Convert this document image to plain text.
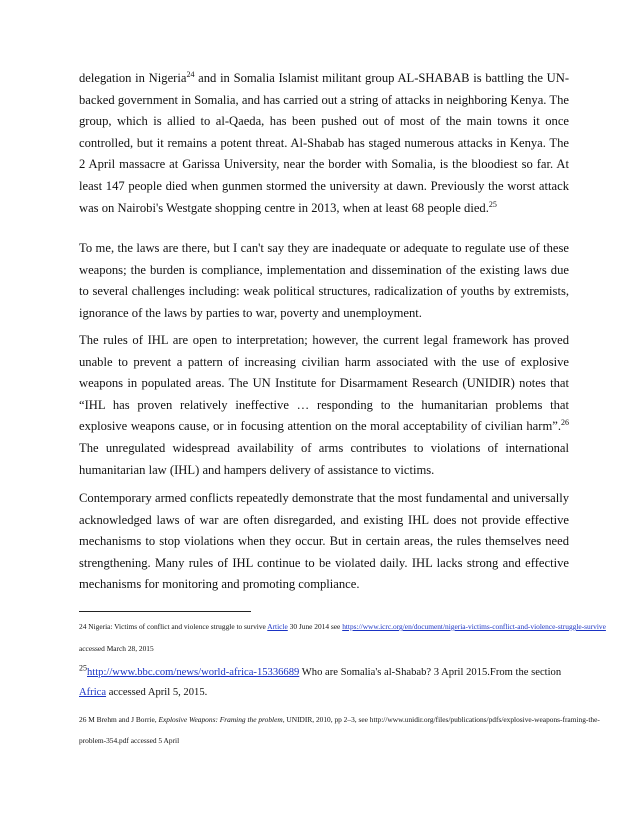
delegation in Nigeria$^{24}$ and in Somalia Islamist militant group AL-SHABAB is battling the UN-
backed government in Somalia, and has carried out a string of attacks in neighboring Kenya. The
group, which is allied to al-Qaeda, has been pushed out of most of the main towns it once
controlled, but it remains a potent threat. Al-Shabab has staged numerous attacks in Kenya. The
2 April massacre at Garissa University, near the border with Somalia, is the bloodiest so far. At
least 147 people died when gunmen stormed the university at dawn. Previously the worst attack
was on Nairobi's Westgate shopping centre in 2013, when at least 68 people died.$^{25}$
To me, the laws are there, but I can't say they are inadequate or adequate to regulate use of these
weapons; the burden is compliance, implementation and dissemination of the existing laws due
to several challenges including: weak political structures, radicalization of youths by extremists,
ignorance of the laws by parties to war, poverty and unemployment.
The rules of IHL are open to interpretation; however, the current legal framework has proved
unable to prevent a pattern of increasing civilian harm associated with the use of explosive
weapons in populated areas. The UN Institute for Disarmament Research (UNIDIR) notes that
“IHL has proven relatively ineffective … responding to the humanitarian problems that
explosive weapons cause, or in focusing attention on the moral acceptability of civilian harm”.$^{26}$
The unregulated widespread availability of arms contributes to violations of international
humanitarian law (IHL) and hampers delivery of assistance to victims.
Contemporary armed conflicts repeatedly demonstrate that the most fundamental and universally
acknowledged laws of war are often disregarded, and existing IHL does not provide effective
mechanisms to stop violations when they occur. But in certain areas, the rules themselves need
strengthening. Many rules of IHL continue to be violated daily. IHL lacks strong and effective
mechanisms for monitoring and promoting compliance.
24 Nigeria: Victims of conflict and violence struggle to survive Article 30 June 2014 see https://www.icrc.org/en/document/nigeria-victims-conflict-and-violence-struggle-survive
accessed March 28, 2015
$^{25}$http://www.bbc.com/news/world-africa-15336689 Who are Somalia's al-Shabab? 3 April 2015.From the section
Africa accessed April 5, 2015.
26 M Brehm and J Borrie, Explosive Weapons: Framing the problem, UNIDIR, 2010, pp 2–3, see http://www.unidir.org/files/publications/pdfs/explosive-weapons-framing-the-
problem-354.pdf accessed 5 April
